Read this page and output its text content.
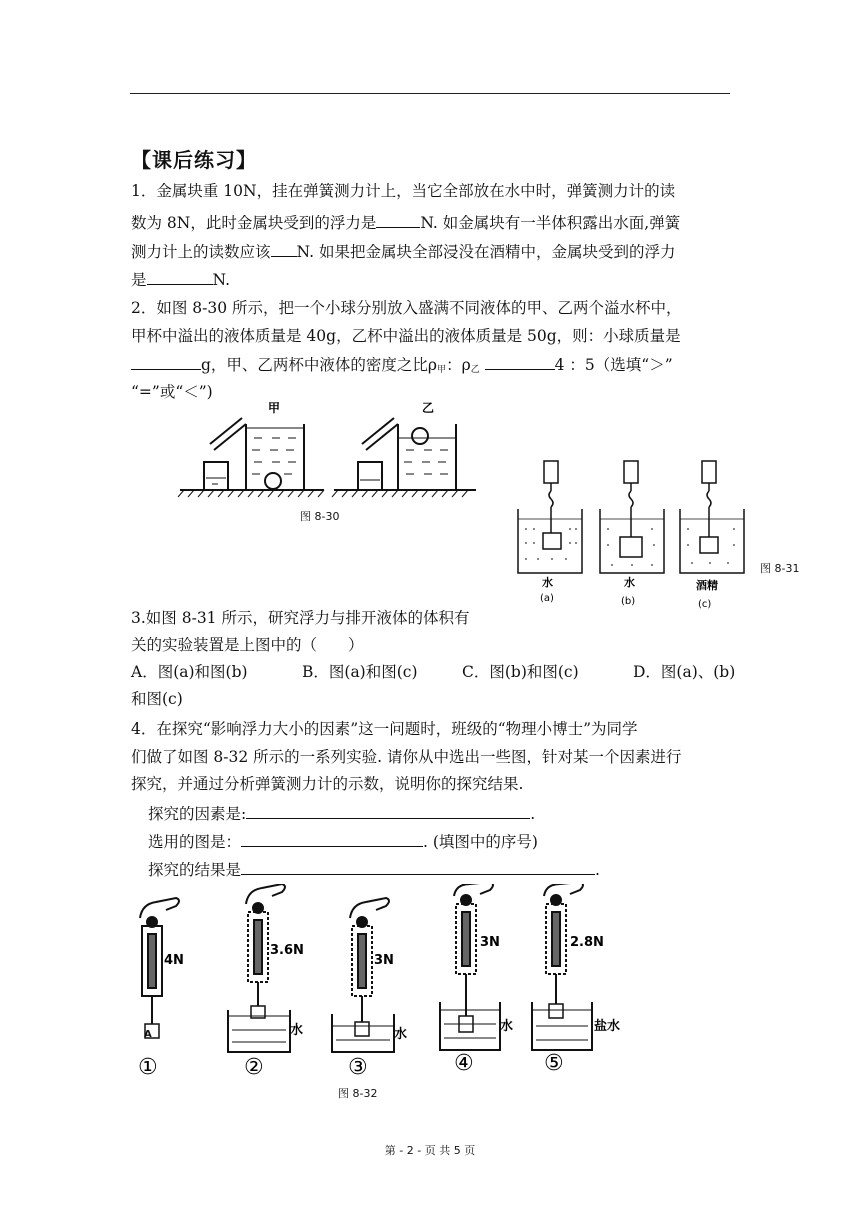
【课后练习】
1．金属块重 10N，挂在弹簧测力计上，当它全部放在水中时，弹簧测力计的读
数为 8N，此时金属块受到的浮力是	N. 如金属块有一半体积露出水面,弹簧
测力计上的读数应该 N. 如果把金属块全部浸没在酒精中，金属块受到的浮力
是	N.
2．如图 8-30 所示，把一个小球分别放入盛满不同液体的甲、乙两个溢水杯中，
甲杯中溢出的液体质量是 40g，乙杯中溢出的液体质量是 50g，则：小球质量是
g，甲、乙两杯中液体的密度之比$\rho_甲$：$\rho_乙$	4 ：5（选填“＞”
“=”或“＜”)
甲	乙
图 8-30
水	水	酒精
(a)	(b)	(c)
图 8-31
3.如图 8-31 所示，研究浮力与排开液体的体积有
关的实验装置是上图中的（　　）
A．图(a)和图(b)	B．图(a)和图(c)	C．图(b)和图(c)	D．图(a)、(b)
和图(c)
4．在探究“影响浮力大小的因素”这一问题时，班级的“物理小博士”为同学
们做了如图 8-32 所示的一系列实验. 请你从中选出一些图，针对某一个因素进行
探究，并通过分析弹簧测力计的示数，说明你的探究结果.
探究的因素是:	.
选用的图是：	. (填图中的序号)
探究的结果是	.
A
4N
①
3.6N
水
②
3N
水
③
3N
水
④
2.8N
盐水
⑤
图 8-32
第 - 2 - 页 共 5 页
